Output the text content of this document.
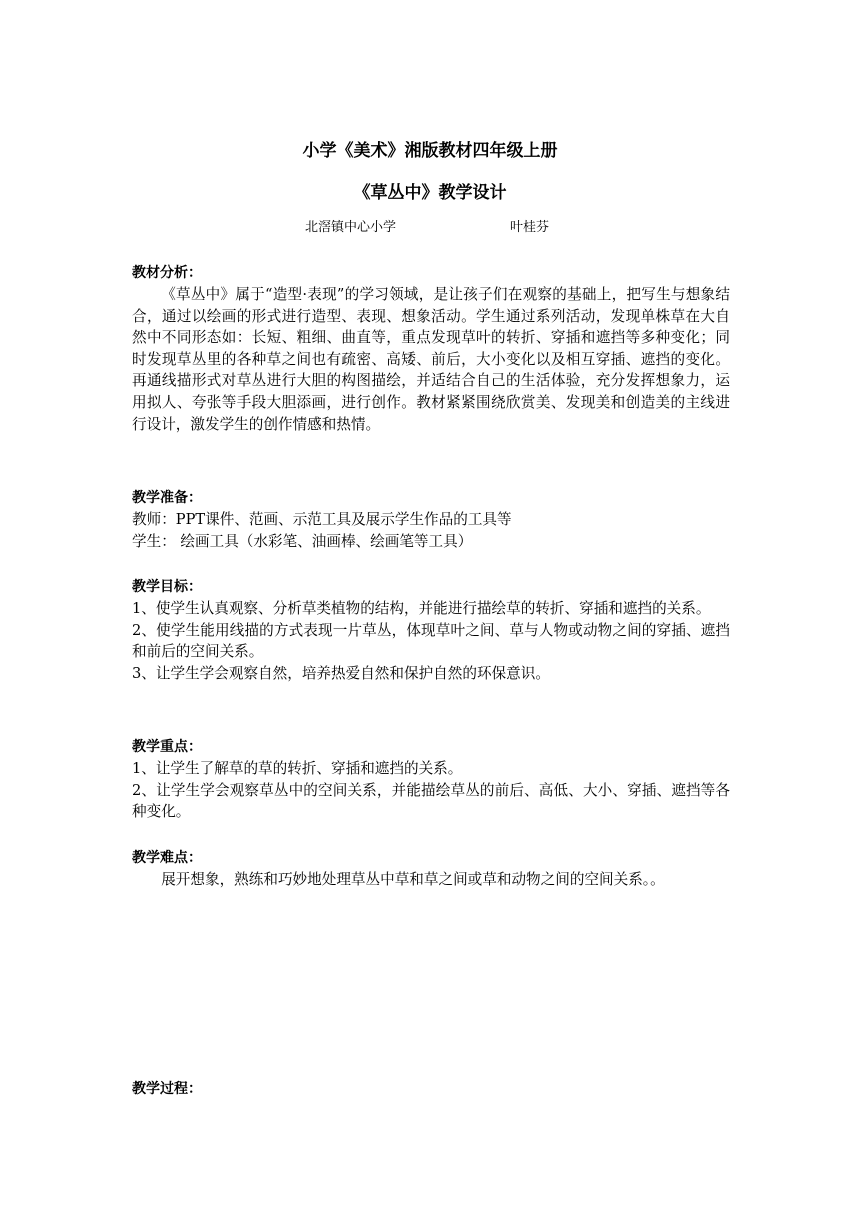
小学《美术》湘版教材四年级上册
《草丛中》教学设计
北滘镇中心小学	叶桂芬

教材分析：

《草丛中》属于“造型·表现”的学习领域，是让孩子们在观察的基础上，把写生与想象结合，通过以绘画的形式进行造型、表现、想象活动。学生通过系列活动，发现单株草在大自然中不同形态如：长短、粗细、曲直等，重点发现草叶的转折、穿插和遮挡等多种变化；同时发现草丛里的各种草之间也有疏密、高矮、前后，大小变化以及相互穿插、遮挡的变化。再通线描形式对草丛进行大胆的构图描绘，并适结合自己的生活体验，充分发挥想象力，运用拟人、夸张等手段大胆添画，进行创作。教材紧紧围绕欣赏美、发现美和创造美的主线进行设计，激发学生的创作情感和热情。

教学准备：

教师：PPT课件、范画、示范工具及展示学生作品的工具等

学生： 绘画工具（水彩笔、油画棒、绘画笔等工具）

教学目标：

1、使学生认真观察、分析草类植物的结构，并能进行描绘草的转折、穿插和遮挡的关系。

2、使学生能用线描的方式表现一片草丛，体现草叶之间、草与人物或动物之间的穿插、遮挡和前后的空间关系。

3、让学生学会观察自然，培养热爱自然和保护自然的环保意识。

教学重点：

1、让学生了解草的草的转折、穿插和遮挡的关系。

2、让学生学会观察草丛中的空间关系，并能描绘草丛的前后、高低、大小、穿插、遮挡等各种变化。

教学难点：

展开想象，熟练和巧妙地处理草丛中草和草之间或草和动物之间的空间关系。。

教学过程：
